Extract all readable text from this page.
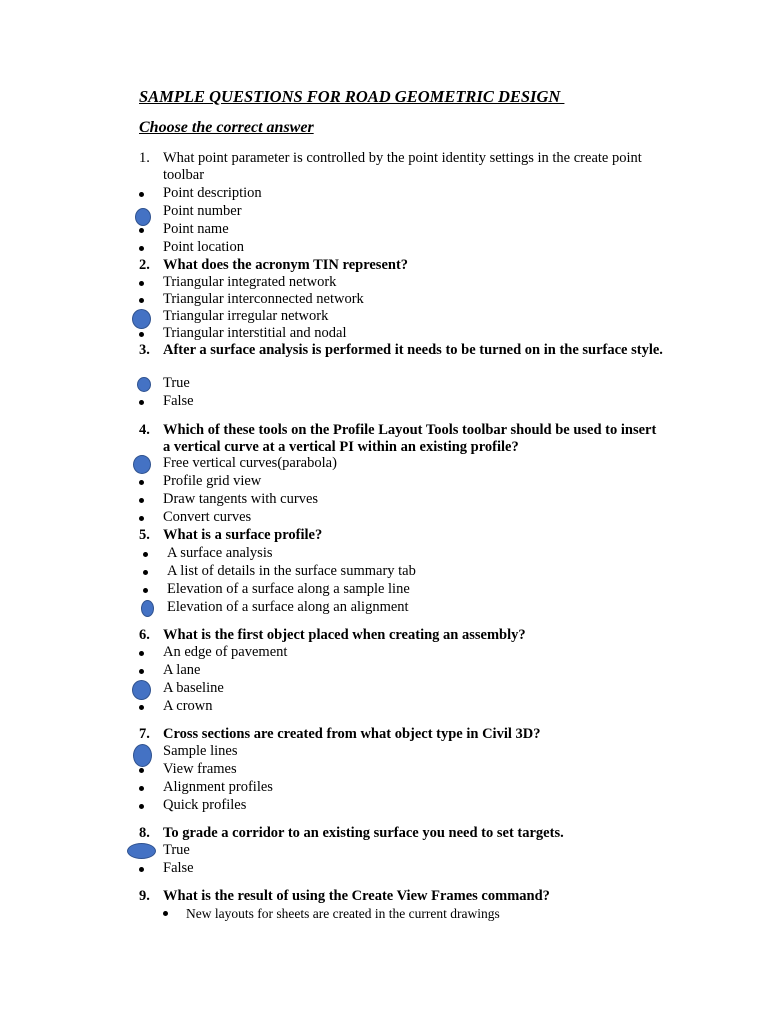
SAMPLE QUESTIONS FOR ROAD GEOMETRIC DESIGN
Choose the correct answer
1. What point parameter is controlled by the point identity settings in the create point toolbar
Point description
Point number
Point name
Point location
2. What does the acronym TIN represent?
Triangular integrated network
Triangular interconnected network
Triangular irregular network
Triangular interstitial and nodal
3. After a surface analysis is performed it needs to be turned on in the surface style.
True
False
4. Which of these tools on the Profile Layout Tools toolbar should be used to insert a vertical curve at a vertical PI within an existing profile?
Free vertical curves(parabola)
Profile grid view
Draw tangents with curves
Convert curves
5. What is a surface profile?
A surface analysis
A list of details in the surface summary tab
Elevation of a surface along a sample line
Elevation of a surface along an alignment
6. What is the first object placed when creating an assembly?
An edge of pavement
A lane
A baseline
A crown
7. Cross sections are created from what object type in Civil 3D?
Sample lines
View frames
Alignment profiles
Quick profiles
8. To grade a corridor to an existing surface you need to set targets.
True
False
9. What is the result of using the Create View Frames command?
New layouts for sheets are created in the current drawings
